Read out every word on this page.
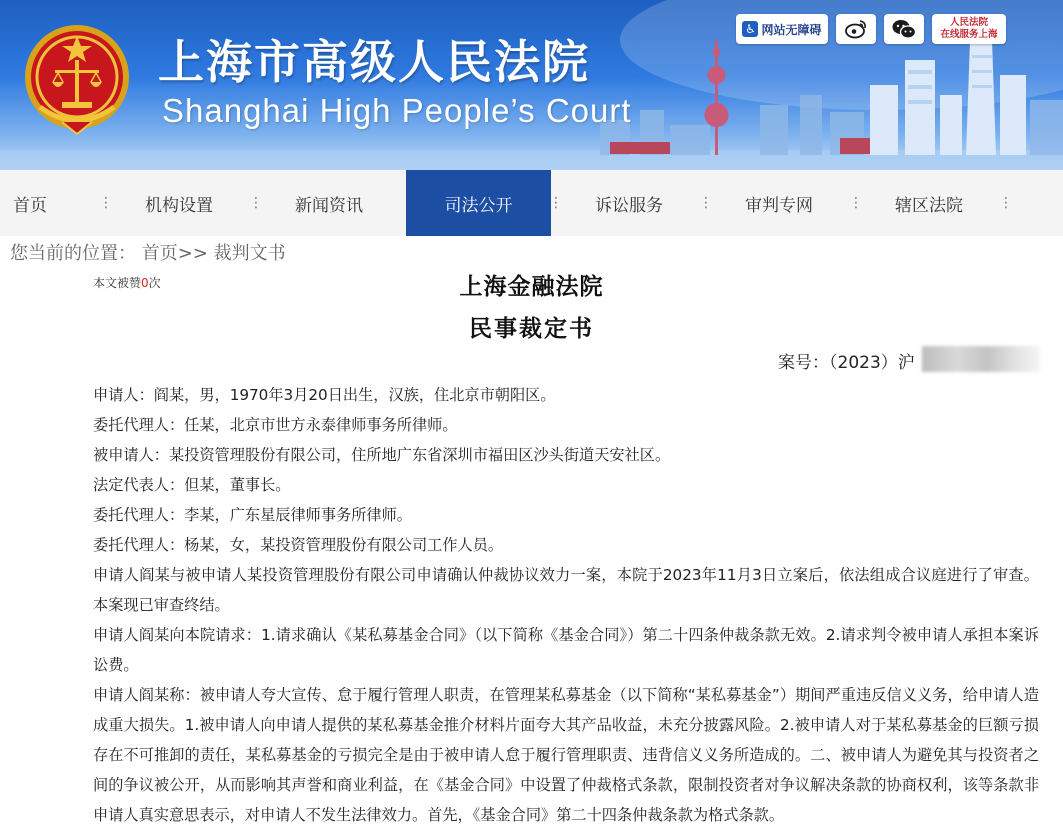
上海市高级人民法院
Shanghai High People’s Court
♿ 网站无障碍	人民法院
在线服务上海
首页	⋮	机构设置	⋮	新闻资讯	司法公开	⋮	诉讼服务	⋮	审判专网	⋮	辖区法院	⋮
您当前的位置： 首页>> 裁判文书
本文被赞0次	上海金融法院
民事裁定书
案号：（2023）沪

申请人：阎某，男，1970年3月20日出生，汉族，住北京市朝阳区。

委托代理人：任某，北京市世方永泰律师事务所律师。

被申请人：某投资管理股份有限公司，住所地广东省深圳市福田区沙头街道天安社区。

法定代表人：但某，董事长。

委托代理人：李某，广东星辰律师事务所律师。

委托代理人：杨某，女，某投资管理股份有限公司工作人员。

申请人阎某与被申请人某投资管理股份有限公司申请确认仲裁协议效力一案，本院于2023年11月3日立案后，依法组成合议庭进行了审查。本案现已审查终结。

申请人阎某向本院请求：1.请求确认《某私募基金合同》（以下简称《基金合同》）第二十四条仲裁条款无效。2.请求判令被申请人承担本案诉讼费。

申请人阎某称：被申请人夸大宣传、怠于履行管理人职责，在管理某私募基金（以下简称“某私募基金”）期间严重违反信义义务，给申请人造成重大损失。1.被申请人向申请人提供的某私募基金推介材料片面夸大其产品收益，未充分披露风险。2.被申请人对于某私募基金的巨额亏损存在不可推卸的责任，某私募基金的亏损完全是由于被申请人怠于履行管理职责、违背信义义务所造成的。二、被申请人为避免其与投资者之间的争议被公开，从而影响其声誉和商业利益，在《基金合同》中设置了仲裁格式条款，限制投资者对争议解决条款的协商权利，该等条款非申请人真实意思表示，对申请人不发生法律效力。首先，《基金合同》第二十四条仲裁条款为格式条款。
